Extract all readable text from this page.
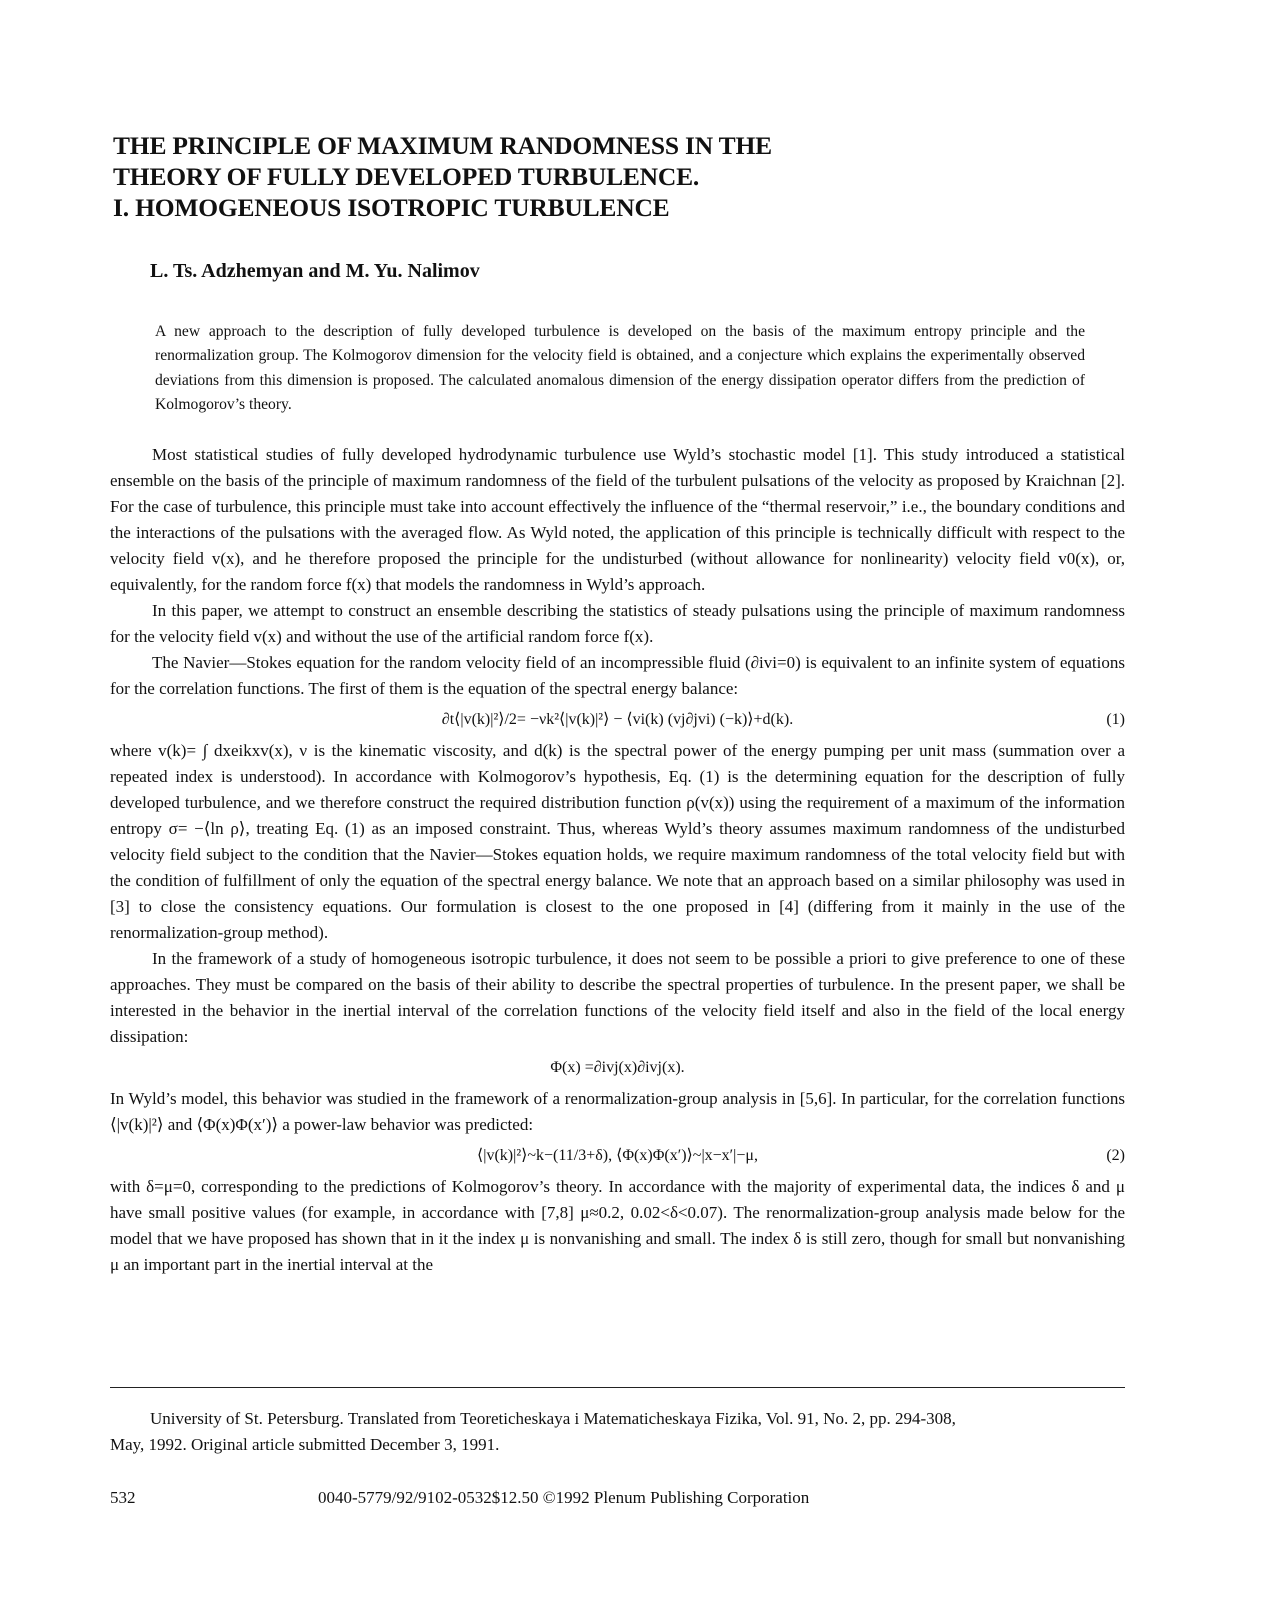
THE PRINCIPLE OF MAXIMUM RANDOMNESS IN THE
THEORY OF FULLY DEVELOPED TURBULENCE.
I. HOMOGENEOUS ISOTROPIC TURBULENCE
L. Ts. Adzhemyan and M. Yu. Nalimov
A new approach to the description of fully developed turbulence is developed on the basis of the maximum entropy principle and the renormalization group. The Kolmogorov dimension for the velocity field is obtained, and a conjecture which explains the experimentally observed deviations from this dimension is proposed. The calculated anomalous dimension of the energy dissipation operator differs from the prediction of Kolmogorov’s theory.

Most statistical studies of fully developed hydrodynamic turbulence use Wyld’s stochastic model [1]. This study introduced a statistical ensemble on the basis of the principle of maximum randomness of the field of the turbulent pulsations of the velocity as proposed by Kraichnan [2]. For the case of turbulence, this principle must take into account effectively the influence of the “thermal reservoir,” i.e., the boundary conditions and the interactions of the pulsations with the averaged flow. As Wyld noted, the application of this principle is technically difficult with respect to the velocity field v(x), and he therefore proposed the principle for the undisturbed (without allowance for nonlinearity) velocity field v0(x), or, equivalently, for the random force f(x) that models the randomness in Wyld’s approach.

In this paper, we attempt to construct an ensemble describing the statistics of steady pulsations using the principle of maximum randomness for the velocity field v(x) and without the use of the artificial random force f(x).

The Navier—Stokes equation for the random velocity field of an incompressible fluid (∂ivi=0) is equivalent to an infinite system of equations for the correlation functions. The first of them is the equation of the spectral energy balance:

∂t⟨|v(k)|²⟩/2= −νk²⟨|v(k)|²⟩ − ⟨vi(k) (vj∂jvi) (−k)⟩+d(k).	(1)

where v(k)= ∫ dxeikxv(x), ν is the kinematic viscosity, and d(k) is the spectral power of the energy pumping per unit mass (summation over a repeated index is understood). In accordance with Kolmogorov’s hypothesis, Eq. (1) is the determining equation for the description of fully developed turbulence, and we therefore construct the required distribution function ρ(v(x)) using the requirement of a maximum of the information entropy σ= −⟨ln ρ⟩, treating Eq. (1) as an imposed constraint. Thus, whereas Wyld’s theory assumes maximum randomness of the undisturbed velocity field subject to the condition that the Navier—Stokes equation holds, we require maximum randomness of the total velocity field but with the condition of fulfillment of only the equation of the spectral energy balance. We note that an approach based on a similar philosophy was used in [3] to close the consistency equations. Our formulation is closest to the one proposed in [4] (differing from it mainly in the use of the renormalization-group method).

In the framework of a study of homogeneous isotropic turbulence, it does not seem to be possible a priori to give preference to one of these approaches. They must be compared on the basis of their ability to describe the spectral properties of turbulence. In the present paper, we shall be interested in the behavior in the inertial interval of the correlation functions of the velocity field itself and also in the field of the local energy dissipation:

Φ(x) =∂ivj(x)∂ivj(x).

In Wyld’s model, this behavior was studied in the framework of a renormalization-group analysis in [5,6]. In particular, for the correlation functions ⟨|v(k)|²⟩ and ⟨Φ(x)Φ(x′)⟩ a power-law behavior was predicted:

⟨|v(k)|²⟩~k−(11/3+δ), ⟨Φ(x)Φ(x′)⟩~|x−x′|−μ,	(2)

with δ=μ=0, corresponding to the predictions of Kolmogorov’s theory. In accordance with the majority of experimental data, the indices δ and μ have small positive values (for example, in accordance with [7,8] μ≈0.2, 0.02<δ<0.07). The renormalization-group analysis made below for the model that we have proposed has shown that in it the index μ is nonvanishing and small. The index δ is still zero, though for small but nonvanishing μ an important part in the inertial interval at the

University of St. Petersburg. Translated from Teoreticheskaya i Matematicheskaya Fizika, Vol. 91, No. 2, pp. 294-308,
May, 1992. Original article submitted December 3, 1991.
532	0040-5779/92/9102-0532$12.50 ©1992 Plenum Publishing Corporation
